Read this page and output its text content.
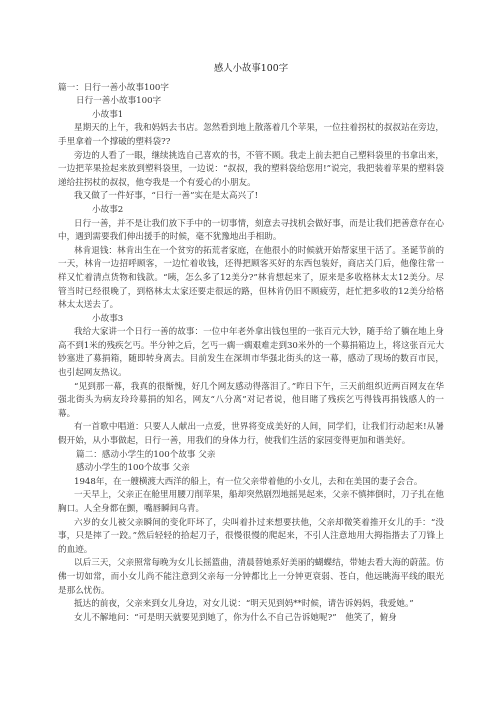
感人小故事100字

篇一：日行一善小故事100字

日行一善小故事100字

小故事1

星期天的上午，我和妈妈去书店。忽然看到地上散落着几个苹果，一位拄着拐杖的叔叔站在旁边，手里拿着一个撑破的塑料袋??

旁边的人看了一眼，继续挑选自己喜欢的书，不管不顾。我走上前去把自己塑料袋里的书拿出来，一边把苹果捡起来放到塑料袋里，一边说：“叔叔，我的塑料袋给您用!”说完，我把装着苹果的塑料袋递给拄拐杖的叔叔，他夸我是一个有爱心的小朋友。

我又做了一件好事，“日行一善”实在是太高兴了!

小故事2

日行一善，并不是让我们放下手中的一切事情，刻意去寻找机会做好事，而是让我们把善意存在心中，遇到需要我们伸出援手的时候，毫不犹豫地出手相助。

林肯退钱：林肯出生在一个贫穷的拓荒者家庭，在他很小的时候就开始帮家里干活了。圣诞节前的一天，林肯一边招呼顾客，一边忙着收钱，还得把顾客买好的东西包装好，商店关门后，他像往常一样又忙着清点货物和钱款。“咦，怎么多了12美分?”林肯想起来了，原来是多收格林太太12美分。尽管当时已经很晚了，到格林太太家还要走很远的路，但林肯仍旧不顾疲劳，赶忙把多收的12美分给格林太太送去了。

小故事3

我给大家讲一个日行一善的故事：一位中年老外拿出钱包里的一张百元大钞，随手给了躺在地上身高不到1米的残疾乞丐。半分钟之后，乞丐一瘸一瘸艰难走到30米外的一个募捐箱边上，将这张百元大钞塞进了募捐箱，随即转身离去。目前发生在深圳市华强北街头的这一幕，感动了现场的数百市民，也引起网友热议。

“见到那一幕，我真的很惭愧，好几个网友感动得落泪了。”昨日下午，三天前组织近两百网友在华强北街头为病友玲玲募捐的知名，网友“八分离”对记者说，他目睹了残疾乞丐得钱再捐钱感人的一幕。

有一首歌中唱道：只要人人献出一点爱，世界将变成美好的人间，同学们，让我们行动起来!从暑假开始，从小事做起，日行一善，用我们的身体力行，使我们生活的家园变得更加和谐美好。

篇二：感动小学生的100个故事 父亲

感动小学生的100个故事 父亲

1948年，在一艘横渡大西洋的船上，有一位父亲带着他的小女儿，去和在美国的妻子会合。

一天早上，父亲正在舱里用腰刀削苹果，船却突然剧烈地摇晃起来，父亲不慎摔倒时，刀子扎在他胸口。人全身都在颤，嘴唇瞬间乌青。

六岁的女儿被父亲瞬间的变化吓坏了，尖叫着扑过来想要扶他，父亲却微笑着推开女儿的手：“没事，只是摔了一跤。”然后轻轻的拾起刀子，很慢很慢的爬起来，不引人注意地用大拇指揩去了刀锋上的血迹。

以后三天，父亲照常每晚为女儿长摇篮曲，清晨替她系好美丽的蝴蝶结，带她去看大海的蔚蓝。仿佛一切如常，而小女儿尚不能注意到父亲每一分钟都比上一分钟更衰弱、苍白，他远眺海平线的眼光是那么忧伤。

抵达的前夜，父亲来到女儿身边，对女儿说：“明天见到妈**时候，请告诉妈妈，我爱她。”

女儿不解地问：“可是明天就要见到她了，你为什么不自己告诉她呢?”　他笑了，俯身
